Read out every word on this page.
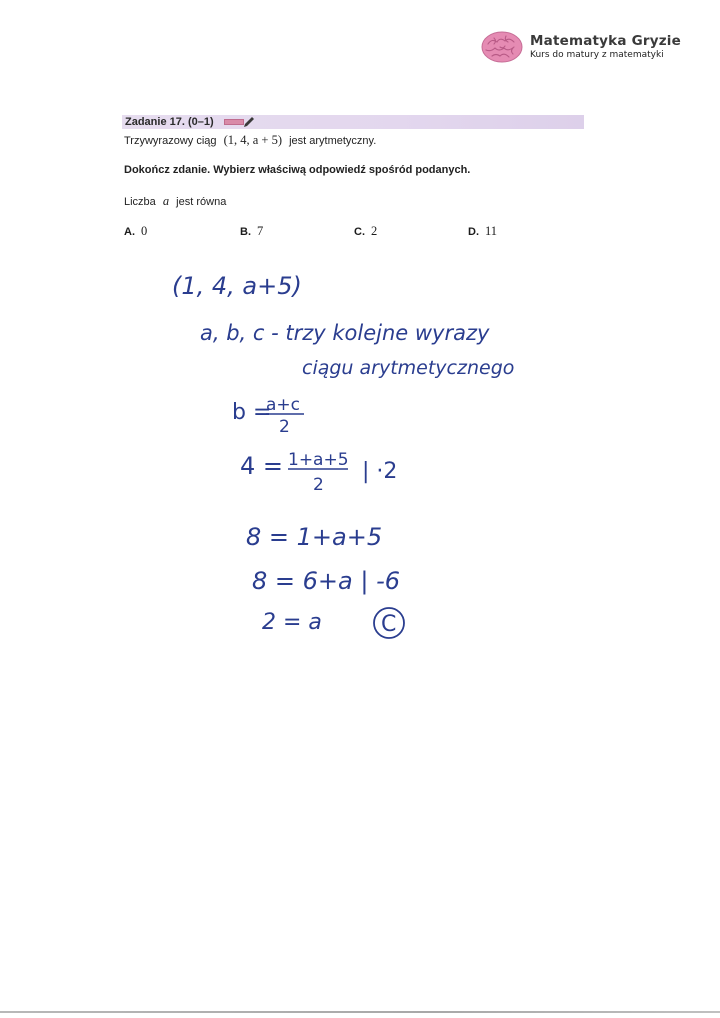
Matematyka Gryzie
Kurs do matury z matematyki
Zadanie 17. (0–1)
Trzywyrazowy ciąg (1, 4, a + 5) jest arytmetyczny.
Dokończ zdanie. Wybierz właściwą odpowiedź spośród podanych.
Liczba a jest równa
A. 0	B. 7	C. 2	D. 11
(1, 4, a+5)
a, b, c - trzy kolejne wyrazy
ciągu arytmetycznego
b =
a+c
2
4 = 1+a+5
2
| ·2
8 = 1+a+5
8 = 6+a | -6
2 = a	C
